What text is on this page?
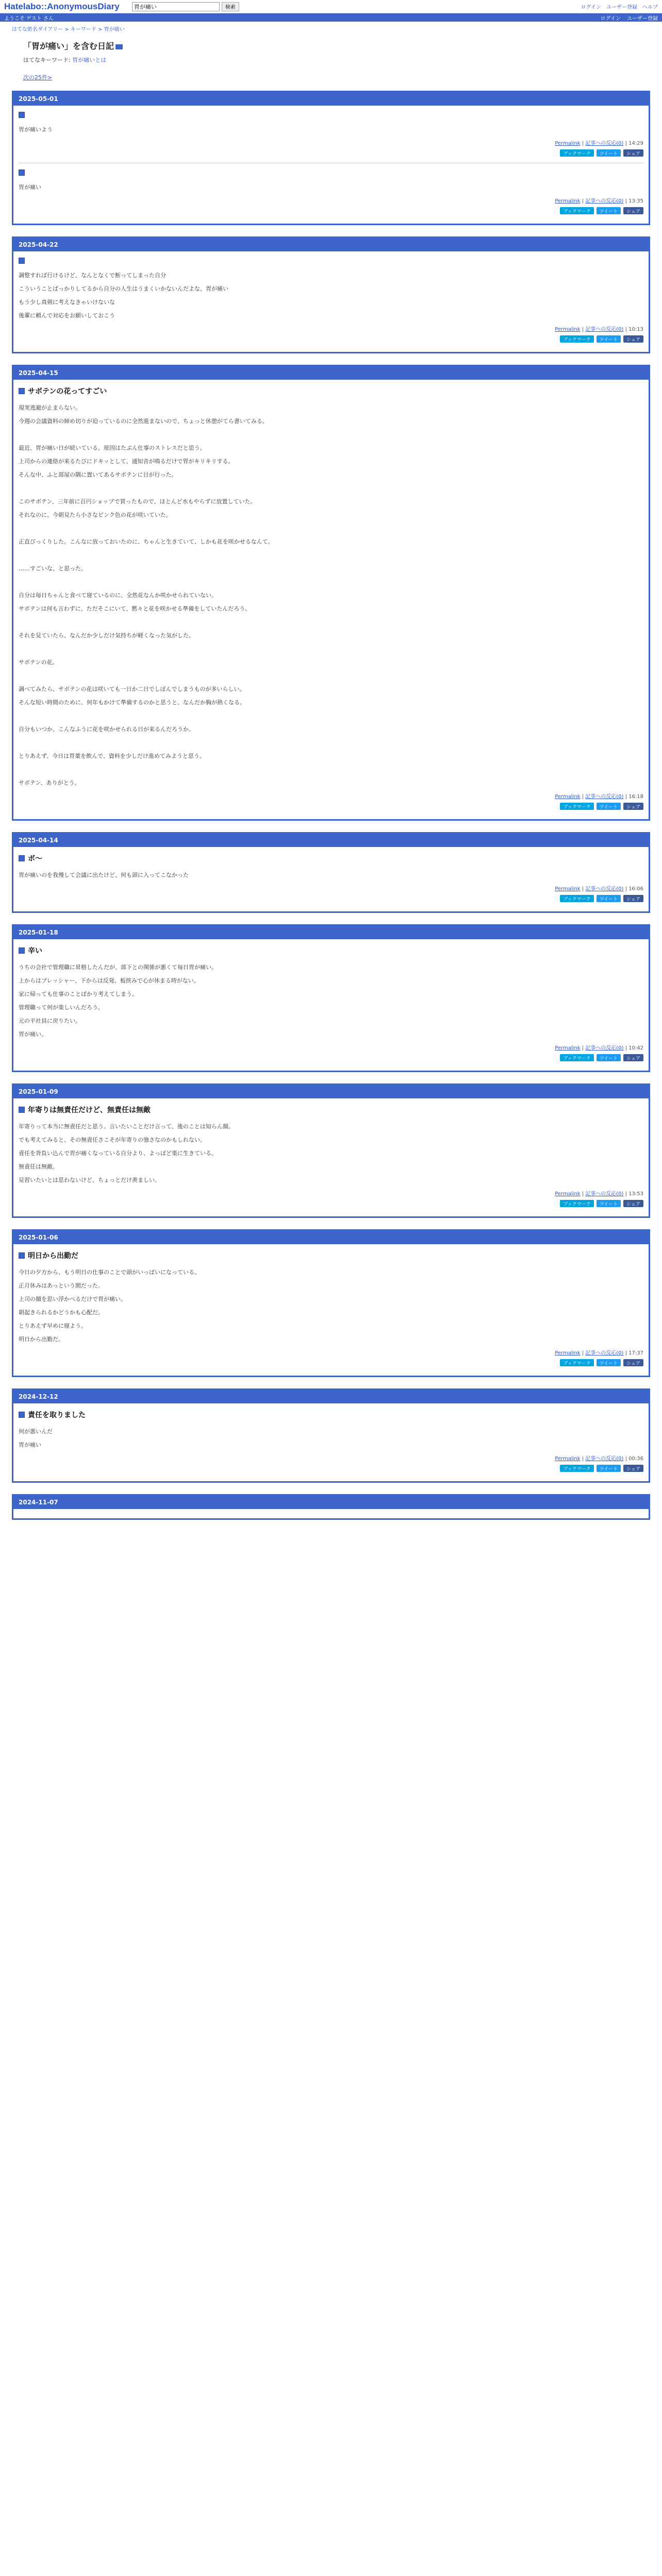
Hatelabo::AnonymousDiary
胃が痛い	検索	ログイン ユーザー登録 ヘルプ
ようこそ ゲスト さん	ログイン ユーザー登録
はてな匿名ダイアリー > キーワード > 胃が痛い
「胃が痛い」を含む日記
はてなキーワード: 胃が痛いとは
次の25件>
2025-05-01
胃が痛いよう
Permalink | 記事への反応(0) | 14:29
ブックマーク	ツイート	シェア
胃が痛い
Permalink | 記事への反応(0) | 13:35
ブックマーク	ツイート	シェア
2025-04-22
調整すれば行けるけど、なんとなくで断ってしまった自分
こういうことばっかりしてるから自分の人生はうまくいかないんだよな、胃が痛い
もう少し真剣に考えなきゃいけないな
後輩に頼んで対応をお願いしておこう
Permalink | 記事への反応(0) | 10:13
ブックマーク	ツイート	シェア
2025-04-15
サボテンの花ってすごい
現実逃避が止まらない。
今週の会議資料の締め切りが迫っているのに全然進まないので、ちょっと休憩がてら書いてみる。
最近、胃が痛い日が続いている。原因はたぶん仕事のストレスだと思う。
上司からの連絡が来るたびにドキッとして、通知音が鳴るだけで胃がキリキリする。
そんな中、ふと部屋の隅に置いてあるサボテンに目が行った。
このサボテン、三年前に百円ショップで買ったもので、ほとんど水もやらずに放置していた。
それなのに、今朝見たら小さなピンク色の花が咲いていた。
正直びっくりした。こんなに放っておいたのに、ちゃんと生きていて、しかも花を咲かせるなんて。
……すごいな、と思った。
自分は毎日ちゃんと食べて寝ているのに、全然花なんか咲かせられていない。
サボテンは何も言わずに、ただそこにいて、黙々と花を咲かせる準備をしていたんだろう。
それを見ていたら、なんだか少しだけ気持ちが軽くなった気がした。
サボテンの花。
調べてみたら、サボテンの花は咲いても一日か二日でしぼんでしまうものが多いらしい。
そんな短い時間のために、何年もかけて準備するのかと思うと、なんだか胸が熱くなる。
自分もいつか、こんなふうに花を咲かせられる日が来るんだろうか。
とりあえず、今日は胃薬を飲んで、資料を少しだけ進めてみようと思う。
サボテン、ありがとう。
Permalink | 記事への反応(0) | 16:18
ブックマーク	ツイート	シェア
2025-04-14
ボ～
胃が痛いのを我慢して会議に出たけど、何も頭に入ってこなかった
Permalink | 記事への反応(0) | 16:06
ブックマーク	ツイート	シェア
2025-01-18
辛い
うちの会社で管理職に昇格したんだが、部下との関係が悪くて毎日胃が痛い。
上からはプレッシャー、下からは反発、板挟みで心が休まる時がない。
家に帰っても仕事のことばかり考えてしまう。
管理職って何が楽しいんだろう。
元の平社員に戻りたい。
胃が痛い。
Permalink | 記事への反応(0) | 10:42
ブックマーク	ツイート	シェア
2025-01-09
年寄りは無責任だけど、無責任は無敵
年寄りって本当に無責任だと思う。言いたいことだけ言って、後のことは知らん顔。
でも考えてみると、その無責任さこそが年寄りの強さなのかもしれない。
責任を背負い込んで胃が痛くなっている自分より、よっぽど楽に生きている。
無責任は無敵。
見習いたいとは思わないけど、ちょっとだけ羨ましい。
Permalink | 記事への反応(0) | 13:53
ブックマーク	ツイート	シェア
2025-01-06
明日から出勤だ
今日の夕方から、もう明日の仕事のことで頭がいっぱいになっている。
正月休みはあっという間だった。
上司の顔を思い浮かべるだけで胃が痛い。
朝起きられるかどうかも心配だ。
とりあえず早めに寝よう。
明日から出勤だ。
Permalink | 記事への反応(0) | 17:37
ブックマーク	ツイート	シェア
2024-12-12
責任を取りました
何が悪いんだ
胃が痛い
Permalink | 記事への反応(0) | 00:36
ブックマーク	ツイート	シェア
2024-11-07
